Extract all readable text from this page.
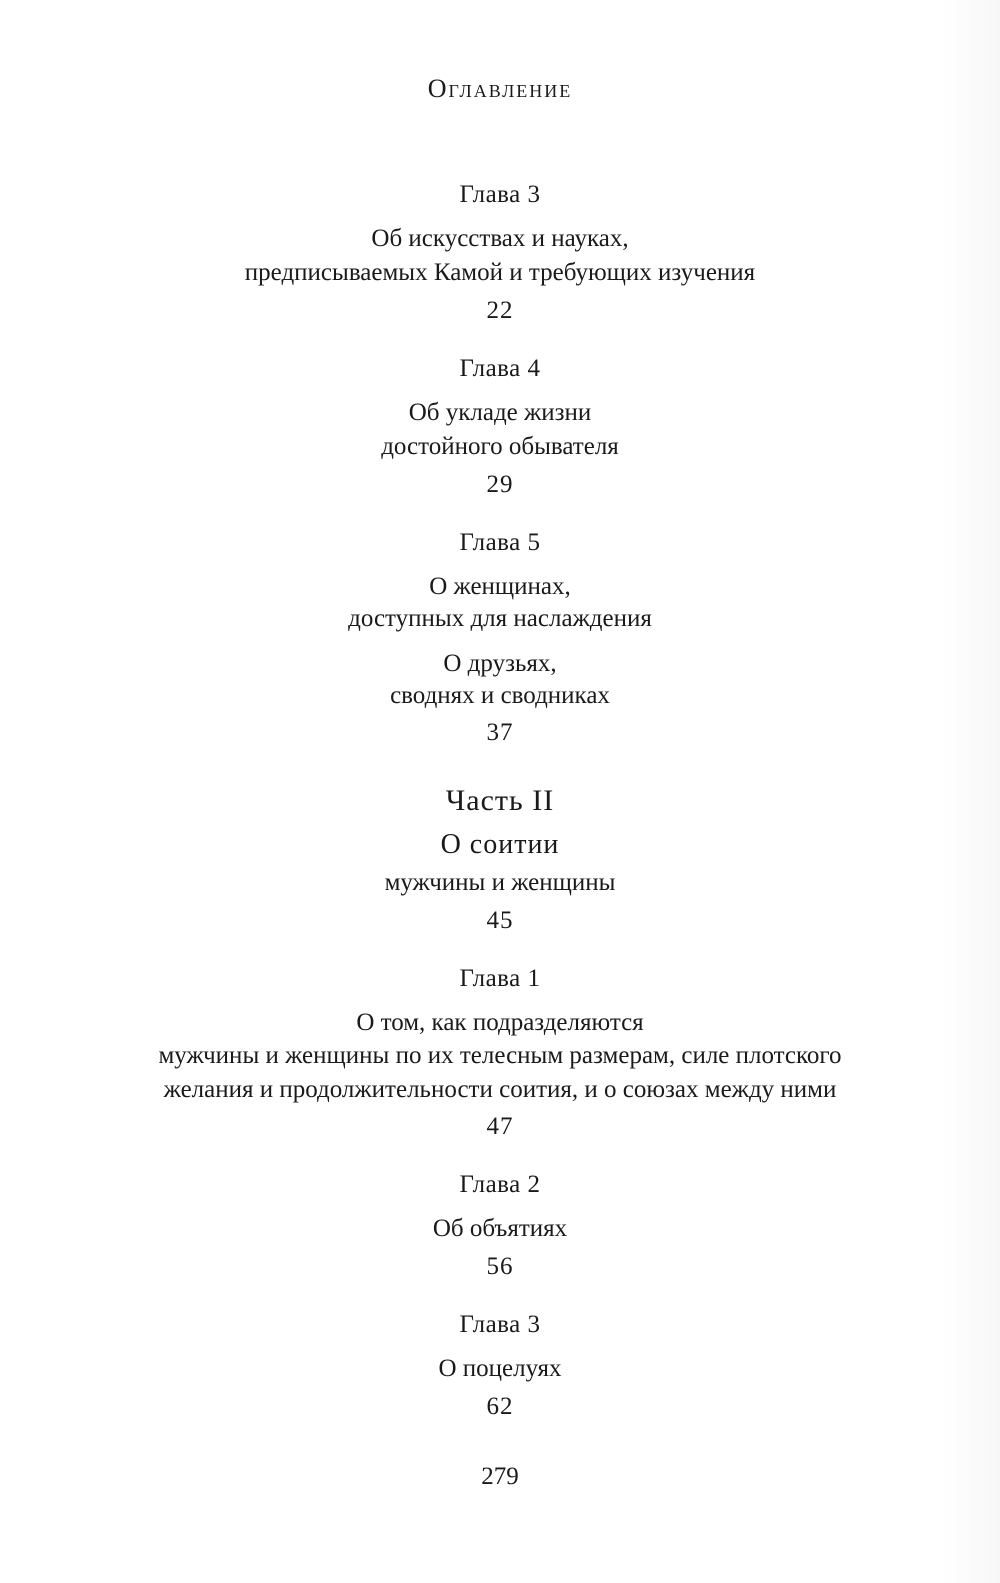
Оглавление
Глава 3
Об искусствах и науках,
предписываемых Камой и требующих изучения
22
Глава 4
Об укладе жизни
достойного обывателя
29
Глава 5
О женщинах,
доступных для наслаждения
О друзьях,
своднях и сводниках
37
Часть II
О соитии
мужчины и женщины
45
Глава 1
О том, как подразделяются
мужчины и женщины по их телесным размерам, силе плотского
желания и продолжительности соития, и о союзах между ними
47
Глава 2
Об объятиях
56
Глава 3
О поцелуях
62
279
